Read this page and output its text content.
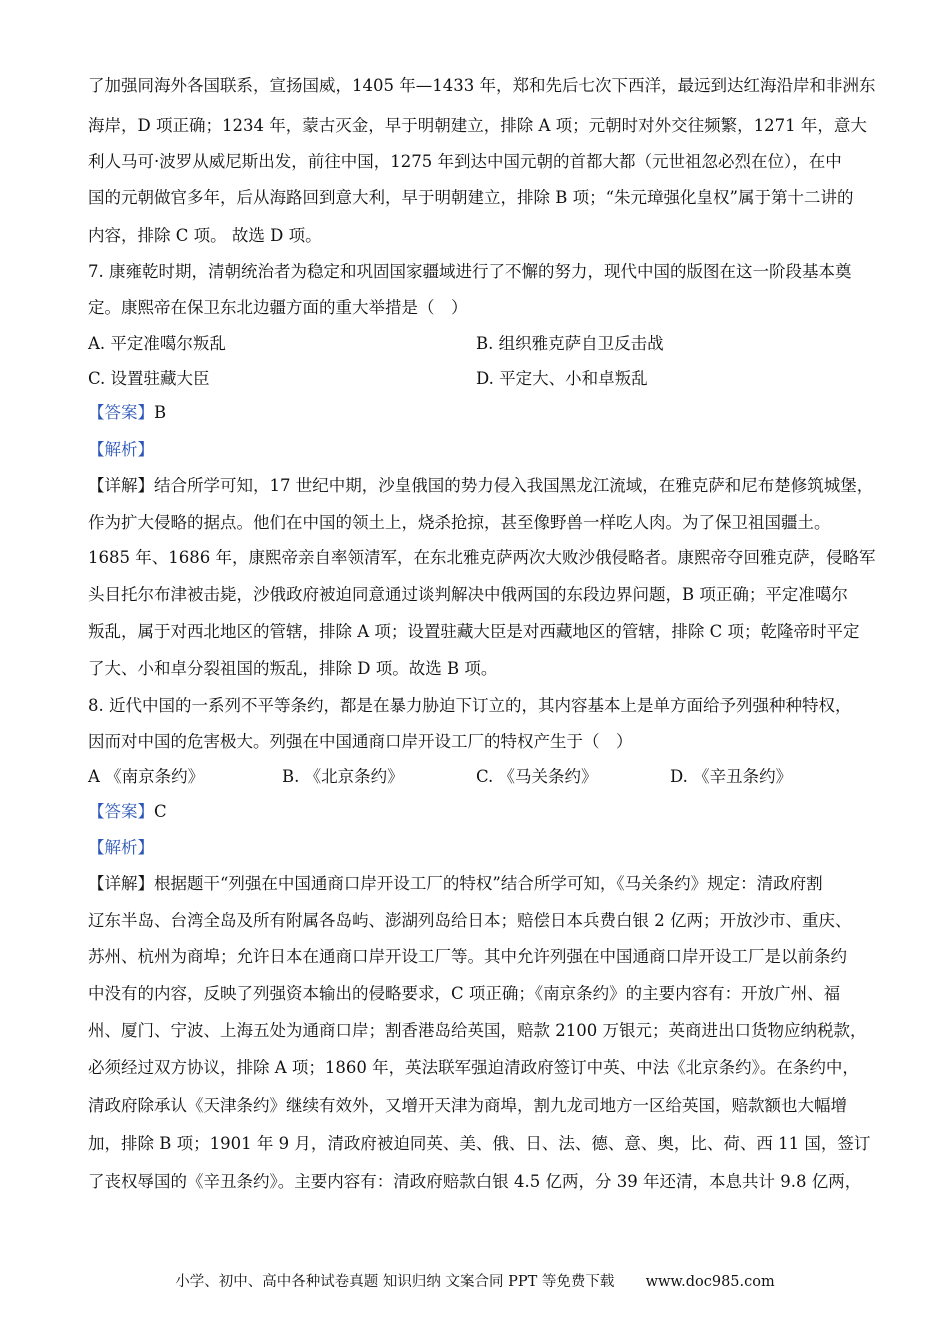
了加强同海外各国联系，宣扬国威，1405 年—1433 年，郑和先后七次下西洋，最远到达红海沿岸和非洲东
海岸，D 项正确；1234 年，蒙古灭金，早于明朝建立，排除 A 项；元朝时对外交往频繁，1271 年，意大
利人马可·波罗从威尼斯出发，前往中国，1275 年到达中国元朝的首都大都（元世祖忽必烈在位），在中
国的元朝做官多年，后从海路回到意大利，早于明朝建立，排除 B 项；“朱元璋强化皇权”属于第十二讲的
内容，排除 C 项。 故选 D 项。
7. 康雍乾时期，清朝统治者为稳定和巩固国家疆域进行了不懈的努力，现代中国的版图在这一阶段基本奠
定。康熙帝在保卫东北边疆方面的重大举措是（　）
A. 平定准噶尔叛乱	B. 组织雅克萨自卫反击战
C. 设置驻藏大臣	D. 平定大、小和卓叛乱
【答案】B
【解析】
【详解】结合所学可知，17 世纪中期，沙皇俄国的势力侵入我国黑龙江流域，在雅克萨和尼布楚修筑城堡，
作为扩大侵略的据点。他们在中国的领土上，烧杀抢掠，甚至像野兽一样吃人肉。为了保卫祖国疆土。
1685 年、1686 年，康熙帝亲自率领清军，在东北雅克萨两次大败沙俄侵略者。康熙帝夺回雅克萨，侵略军
头目托尔布津被击毙，沙俄政府被迫同意通过谈判解决中俄两国的东段边界问题，B 项正确；平定准噶尔
叛乱，属于对西北地区的管辖，排除 A 项；设置驻藏大臣是对西藏地区的管辖，排除 C 项；乾隆帝时平定
了大、小和卓分裂祖国的叛乱，排除 D 项。故选 B 项。
8. 近代中国的一系列不平等条约，都是在暴力胁迫下订立的，其内容基本上是单方面给予列强种种特权，
因而对中国的危害极大。列强在中国通商口岸开设工厂的特权产生于（　）
A 《南京条约》	B. 《北京条约》	C. 《马关条约》	D. 《辛丑条约》
【答案】C
【解析】
【详解】根据题干“列强在中国通商口岸开设工厂的特权”结合所学可知，《马关条约》规定：清政府割
辽东半岛、台湾全岛及所有附属各岛屿、澎湖列岛给日本；赔偿日本兵费白银 2 亿两；开放沙市、重庆、
苏州、杭州为商埠；允许日本在通商口岸开设工厂等。其中允许列强在中国通商口岸开设工厂是以前条约
中没有的内容，反映了列强资本输出的侵略要求，C 项正确；《南京条约》的主要内容有：开放广州、福
州、厦门、宁波、上海五处为通商口岸；割香港岛给英国，赔款 2100 万银元；英商进出口货物应纳税款，
必须经过双方协议，排除 A 项；1860 年，英法联军强迫清政府签订中英、中法《北京条约》。在条约中，
清政府除承认《天津条约》继续有效外，又增开天津为商埠，割九龙司地方一区给英国，赔款额也大幅增
加，排除 B 项；1901 年 9 月，清政府被迫同英、美、俄、日、法、德、意、奥，比、荷、西 11 国，签订
了丧权辱国的《辛丑条约》。主要内容有：清政府赔款白银 4.5 亿两，分 39 年还清，本息共计 9.8 亿两，
小学、初中、高中各种试卷真题 知识归纳 文案合同 PPT 等免费下载 www.doc985.com
